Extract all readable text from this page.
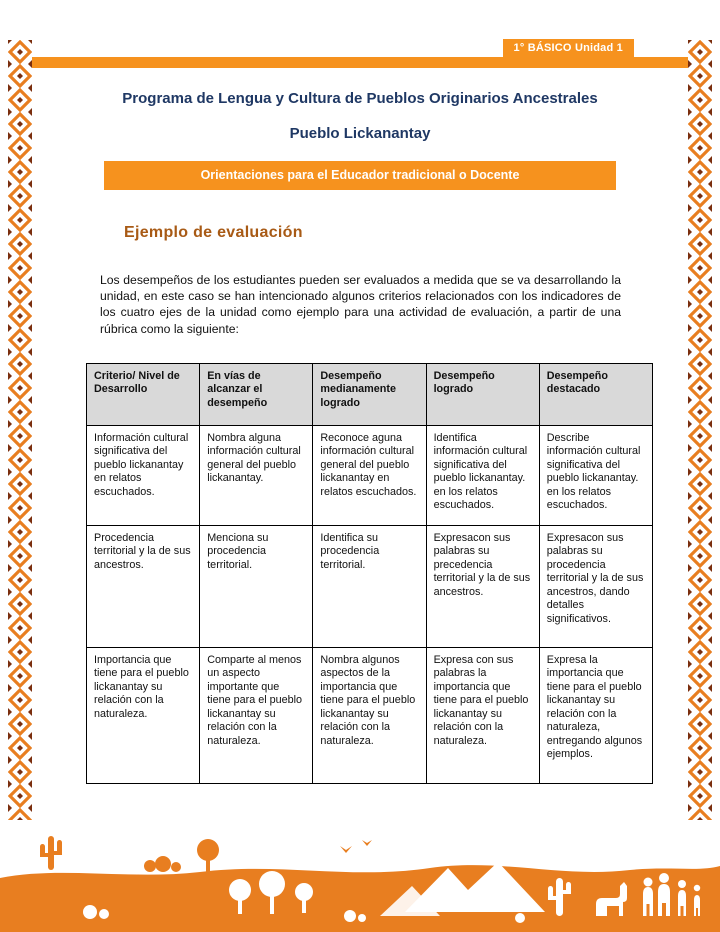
1° BÁSICO Unidad 1
Programa de Lengua y Cultura de Pueblos Originarios Ancestrales
Pueblo Lickanantay
Orientaciones para el Educador tradicional o Docente
Ejemplo de evaluación

Los desempeños de los estudiantes pueden ser evaluados a medida que se va desarrollando la unidad, en este caso se han intencionado algunos criterios relacionados con los indicadores de los cuatro ejes de la unidad como ejemplo para una actividad de evaluación, a partir de una rúbrica como la siguiente:

Criterio/ Nivel de Desarrollo	En vías de alcanzar el desempeño	Desempeño medianamente logrado	Desempeño logrado	Desempeño destacado
Información cultural significativa del pueblo lickanantay en relatos escuchados.	Nombra alguna información cultural general del pueblo lickanantay.	Reconoce aguna información cultural general del pueblo lickanantay en relatos escuchados.	Identifica información cultural significativa del pueblo lickanantay. en los relatos escuchados.	Describe información cultural significativa del pueblo lickanantay. en los relatos escuchados.
Procedencia territorial y la de sus ancestros.	Menciona su procedencia territorial.	Identifica su procedencia territorial.	Expresacon sus palabras su precedencia territorial y la de sus ancestros.	Expresacon sus palabras su procedencia territorial y la de sus ancestros, dando detalles significativos.
Importancia que tiene para el pueblo lickanantay su relación con la naturaleza.	Comparte al menos un aspecto importante que tiene para el pueblo lickanantay su relación con la naturaleza.	Nombra algunos aspectos de la importancia que tiene para el pueblo lickanantay su relación con la naturaleza.	Expresa con sus palabras la importancia que tiene para el pueblo lickanantay su relación con la naturaleza.	Expresa la importancia que tiene para el pueblo lickanantay su relación con la naturaleza, entregando algunos ejemplos.
